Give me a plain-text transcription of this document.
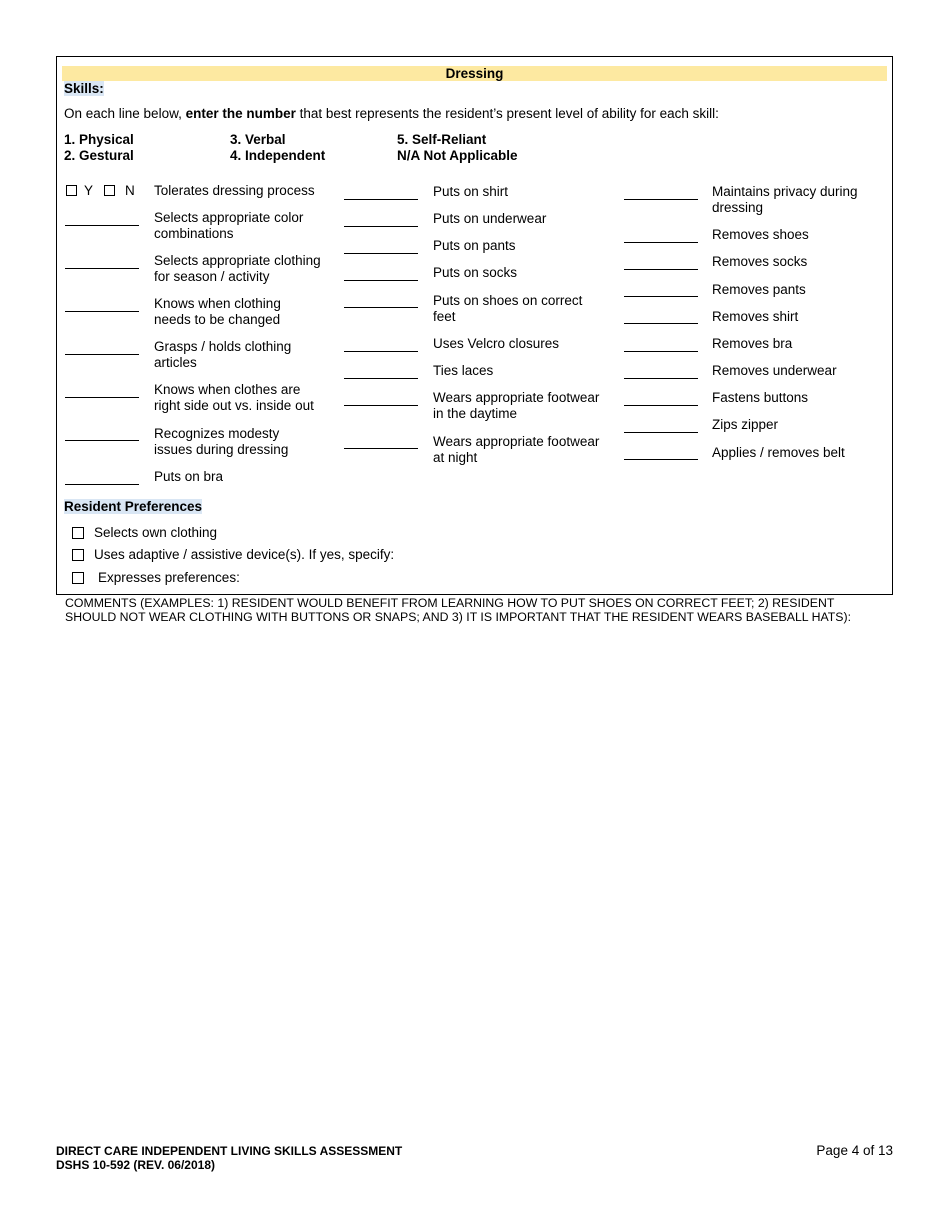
Dressing
Skills:
On each line below, enter the number that best represents the resident’s present level of ability for each skill:
1. Physical
2. Gestural
3. Verbal
4. Independent
5. Self-Reliant
N/A Not Applicable
Y N Tolerates dressing process
Selects appropriate color
combinations
Selects appropriate clothing
for season / activity
Knows when clothing
needs to be changed
Grasps / holds clothing
articles
Knows when clothes are
right side out vs. inside out
Recognizes modesty
issues during dressing
Puts on bra
Puts on shirt
Puts on underwear
Puts on pants
Puts on socks
Puts on shoes on correct
feet
Uses Velcro closures
Ties laces
Wears appropriate footwear
in the daytime
Wears appropriate footwear
at night
Maintains privacy during
dressing
Removes shoes
Removes socks
Removes pants
Removes shirt
Removes bra
Removes underwear
Fastens buttons
Zips zipper
Applies / removes belt
Resident Preferences
Selects own clothing
Uses adaptive / assistive device(s). If yes, specify:
Expresses preferences:
COMMENTS (EXAMPLES: 1) RESIDENT WOULD BENEFIT FROM LEARNING HOW TO PUT SHOES ON CORRECT FEET; 2) RESIDENT
SHOULD NOT WEAR CLOTHING WITH BUTTONS OR SNAPS; AND 3) IT IS IMPORTANT THAT THE RESIDENT WEARS BASEBALL HATS):
DIRECT CARE INDEPENDENT LIVING SKILLS ASSESSMENT
DSHS 10-592 (REV. 06/2018)
Page 4 of 13
